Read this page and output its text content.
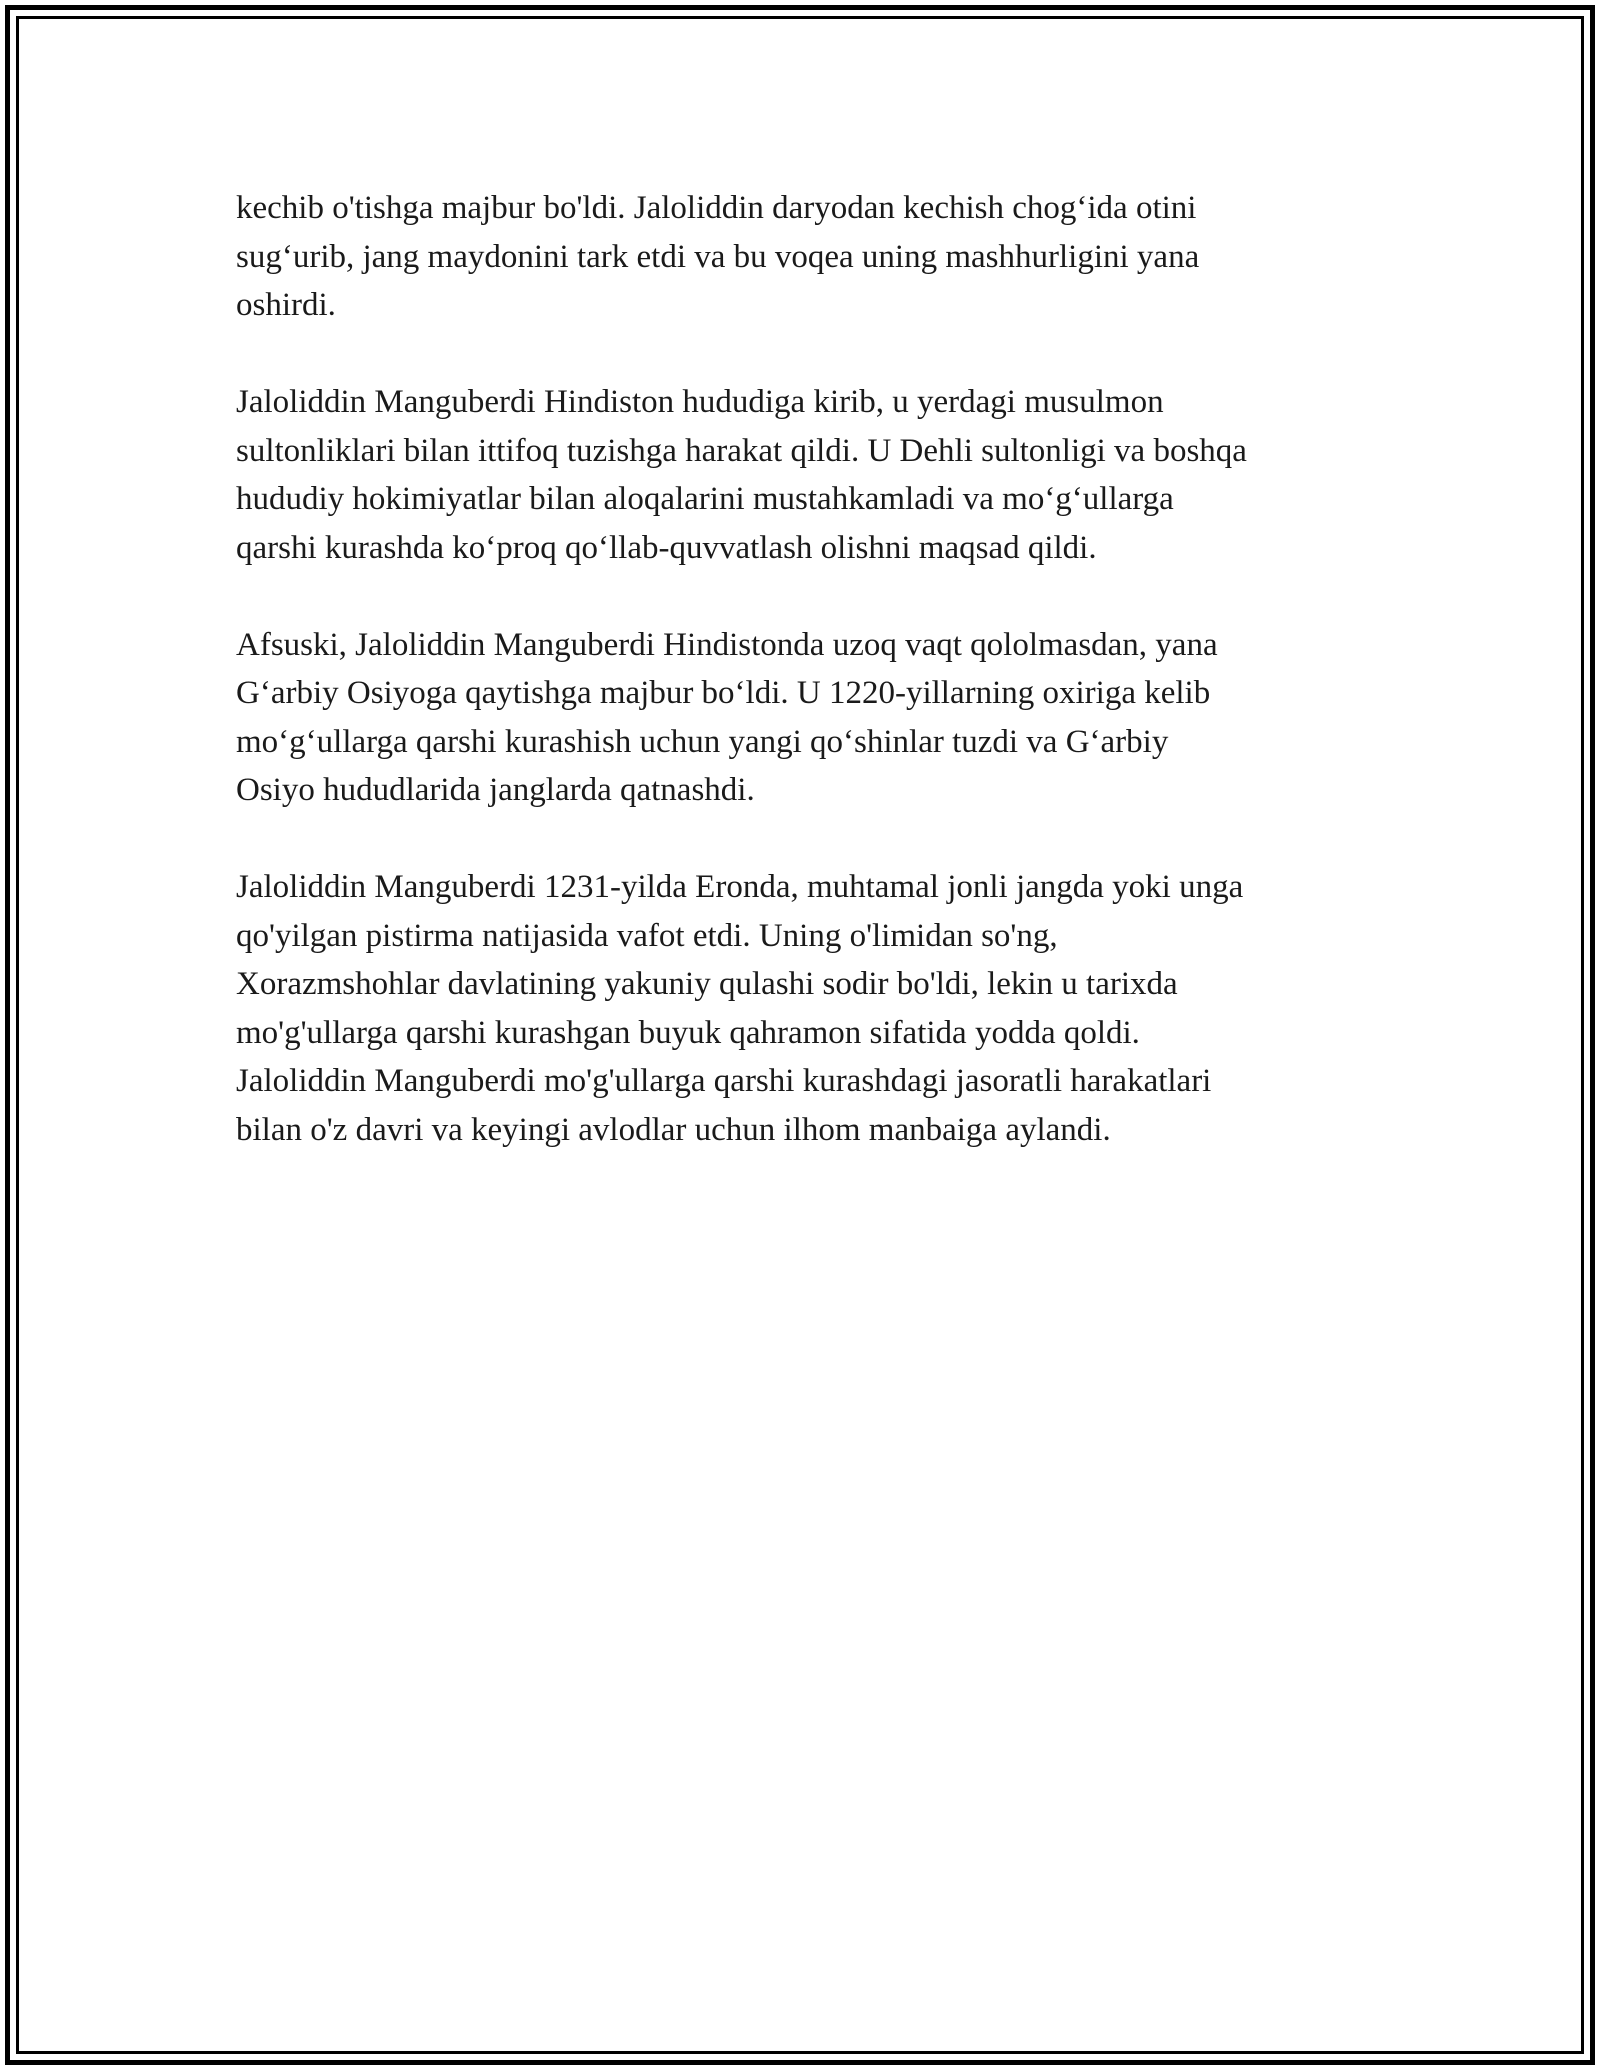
kechib o'tishga majbur bo'ldi. Jaloliddin daryodan kechish chog‘ida otini
sug‘urib, jang maydonini tark etdi va bu voqea uning mashhurligini yana
oshirdi.

Jaloliddin Manguberdi Hindiston hududiga kirib, u yerdagi musulmon
sultonliklari bilan ittifoq tuzishga harakat qildi. U Dehli sultonligi va boshqa
hududiy hokimiyatlar bilan aloqalarini mustahkamladi va mo‘g‘ullarga
qarshi kurashda ko‘proq qo‘llab-quvvatlash olishni maqsad qildi.

Afsuski, Jaloliddin Manguberdi Hindistonda uzoq vaqt qololmasdan, yana
G‘arbiy Osiyoga qaytishga majbur bo‘ldi. U 1220-yillarning oxiriga kelib
mo‘g‘ullarga qarshi kurashish uchun yangi qo‘shinlar tuzdi va G‘arbiy
Osiyo hududlarida janglarda qatnashdi.

Jaloliddin Manguberdi 1231-yilda Eronda, muhtamal jonli jangda yoki unga
qo'yilgan pistirma natijasida vafot etdi. Uning o'limidan so'ng,
Xorazmshohlar davlatining yakuniy qulashi sodir bo'ldi, lekin u tarixda
mo'g'ullarga qarshi kurashgan buyuk qahramon sifatida yodda qoldi.
Jaloliddin Manguberdi mo'g'ullarga qarshi kurashdagi jasoratli harakatlari
bilan o'z davri va keyingi avlodlar uchun ilhom manbaiga aylandi.
